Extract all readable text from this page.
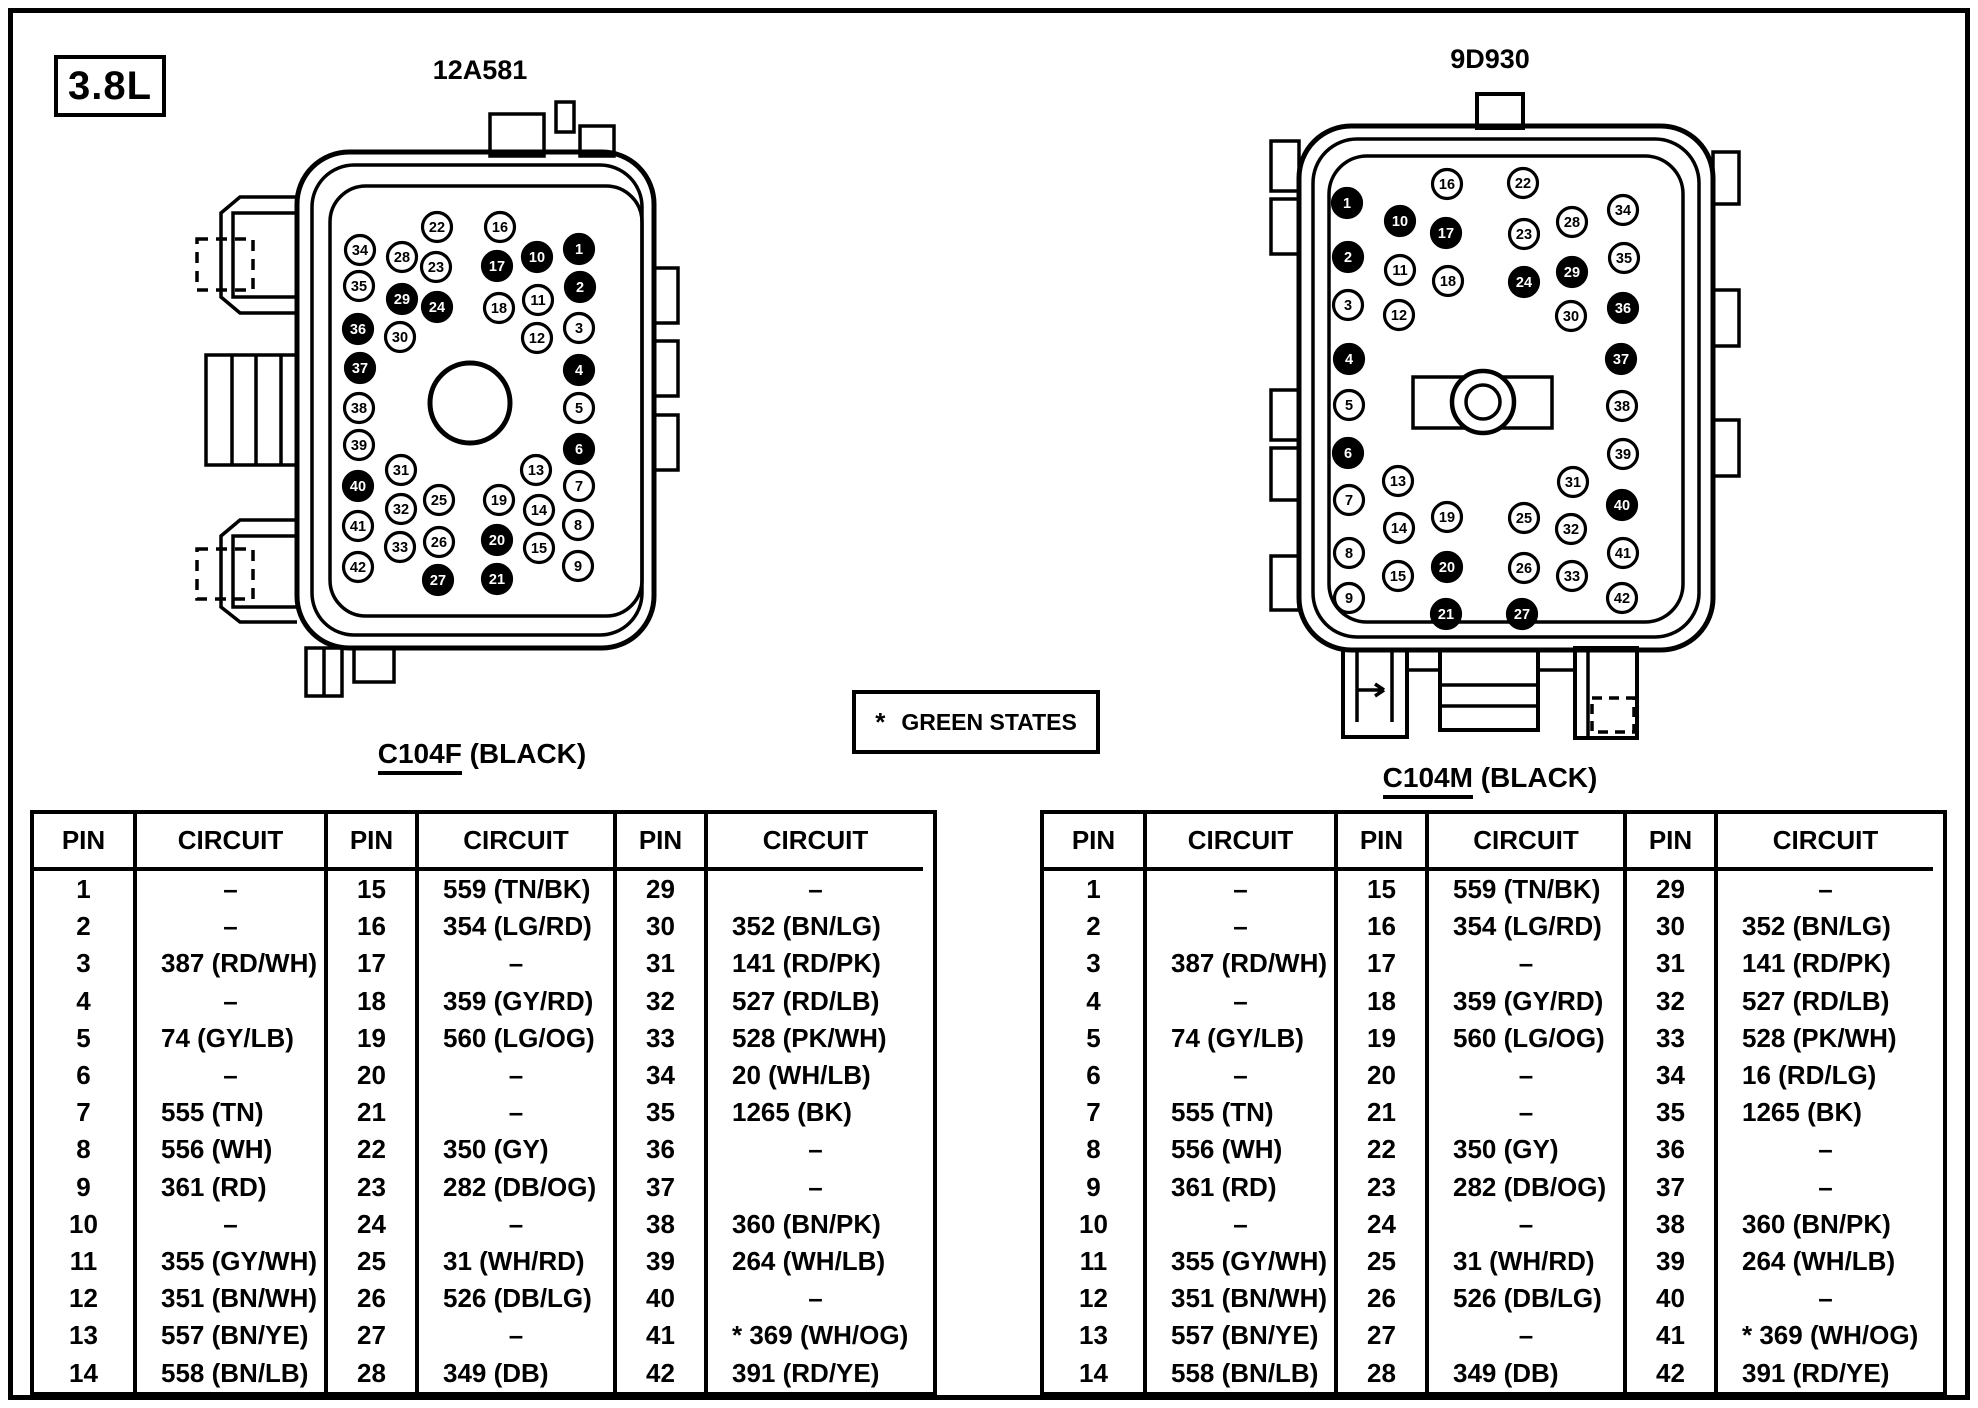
3.8L	12A581	9D930
1
2
3
4
5
6
7
8
9
10
11
12
13
14
15
16
17
18
19
20
21
22
23
24
25
26
27
28
29
30
31
32
33
34
35
36
37
38
39
40
41
42
1
2
3
4
5
6
7
8
9
10
11
12
13
14
15
16
17
18
19
20
21
22
23
24
25
26
27
28
29
30
31
32
33
34
35
36
37
38
39
40
41
42
* GREEN STATES
C104F (BLACK)
C104M (BLACK)
PIN	CIRCUIT	PIN	CIRCUIT	PIN	CIRCUIT
1	–	15	559 (TN/BK)	29	–
2	–	16	354 (LG/RD)	30	352 (BN/LG)
3	387 (RD/WH)	17	–	31	141 (RD/PK)
4	–	18	359 (GY/RD)	32	527 (RD/LB)
5	74 (GY/LB)	19	560 (LG/OG)	33	528 (PK/WH)
6	–	20	–	34	20 (WH/LB)
7	555 (TN)	21	–	35	1265 (BK)
8	556 (WH)	22	350 (GY)	36	–
9	361 (RD)	23	282 (DB/OG)	37	–
10	–	24	–	38	360 (BN/PK)
11	355 (GY/WH)	25	31 (WH/RD)	39	264 (WH/LB)
12	351 (BN/WH)	26	526 (DB/LG)	40	–
13	557 (BN/YE)	27	–	41	* 369 (WH/OG)
14	558 (BN/LB)	28	349 (DB)	42	391 (RD/YE)
PIN	CIRCUIT	PIN	CIRCUIT	PIN	CIRCUIT
1	–	15	559 (TN/BK)	29	–
2	–	16	354 (LG/RD)	30	352 (BN/LG)
3	387 (RD/WH)	17	–	31	141 (RD/PK)
4	–	18	359 (GY/RD)	32	527 (RD/LB)
5	74 (GY/LB)	19	560 (LG/OG)	33	528 (PK/WH)
6	–	20	–	34	16 (RD/LG)
7	555 (TN)	21	–	35	1265 (BK)
8	556 (WH)	22	350 (GY)	36	–
9	361 (RD)	23	282 (DB/OG)	37	–
10	–	24	–	38	360 (BN/PK)
11	355 (GY/WH)	25	31 (WH/RD)	39	264 (WH/LB)
12	351 (BN/WH)	26	526 (DB/LG)	40	–
13	557 (BN/YE)	27	–	41	* 369 (WH/OG)
14	558 (BN/LB)	28	349 (DB)	42	391 (RD/YE)
